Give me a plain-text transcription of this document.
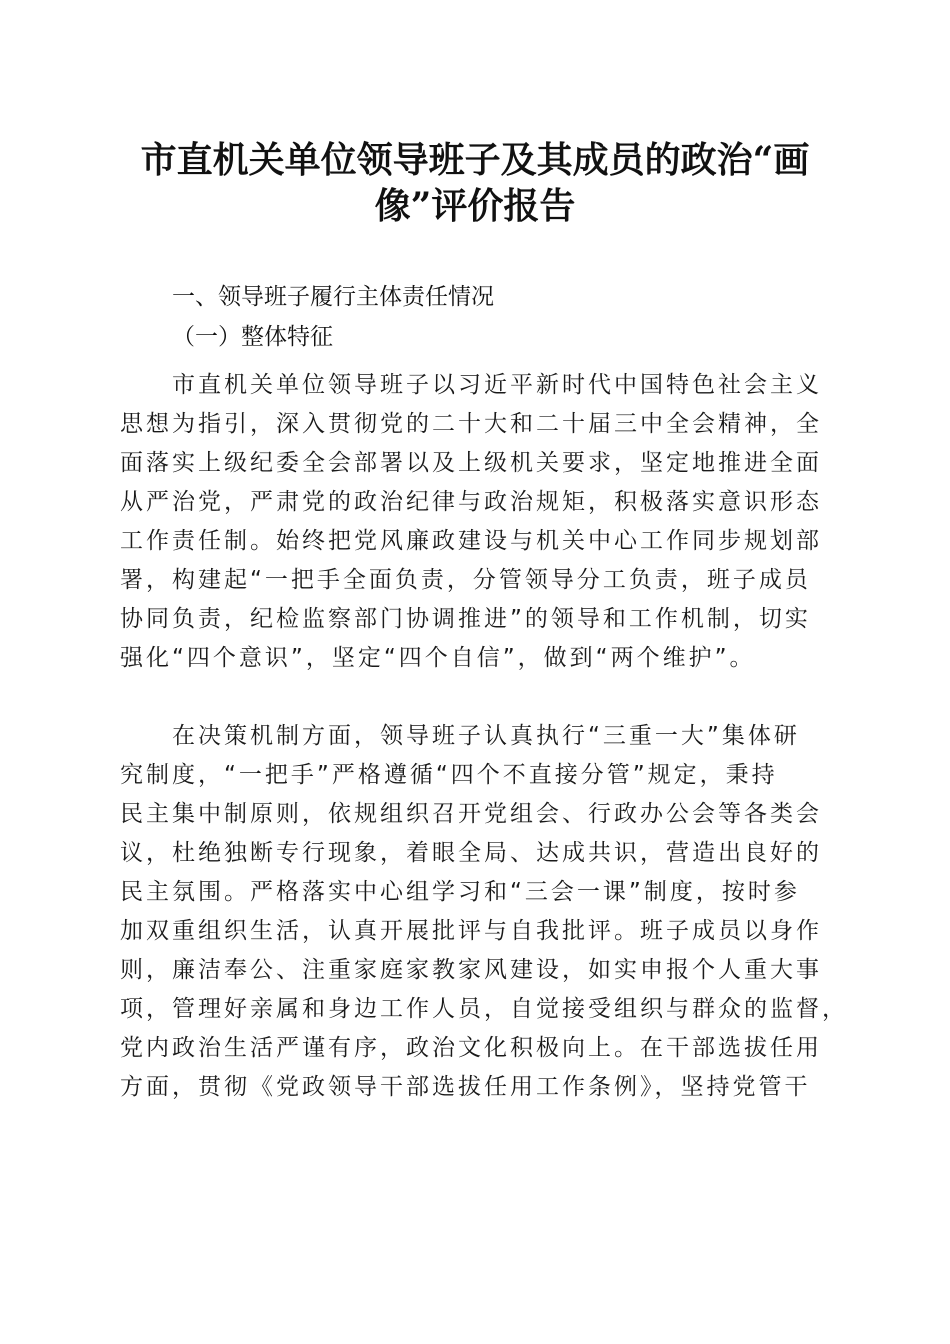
市直机关单位领导班子及其成员的政治“画
像”评价报告
一、领导班子履行主体责任情况
（一）整体特征
市直机关单位领导班子以习近平新时代中国特色社会主义
思想为指引，深入贯彻党的二十大和二十届三中全会精神，全
面落实上级纪委全会部署以及上级机关要求，坚定地推进全面
从严治党，严肃党的政治纪律与政治规矩，积极落实意识形态
工作责任制。始终把党风廉政建设与机关中心工作同步规划部
署，构建起“一把手全面负责，分管领导分工负责，班子成员
协同负责，纪检监察部门协调推进”的领导和工作机制，切实
强化“四个意识”，坚定“四个自信”，做到“两个维护”。
在决策机制方面，领导班子认真执行“三重一大”集体研
究制度，“一把手”严格遵循“四个不直接分管”规定，秉持
民主集中制原则，依规组织召开党组会、行政办公会等各类会
议，杜绝独断专行现象，着眼全局、达成共识，营造出良好的
民主氛围。严格落实中心组学习和“三会一课”制度，按时参
加双重组织生活，认真开展批评与自我批评。班子成员以身作
则，廉洁奉公、注重家庭家教家风建设，如实申报个人重大事
项，管理好亲属和身边工作人员，自觉接受组织与群众的监督，
党内政治生活严谨有序，政治文化积极向上。在干部选拔任用
方面，贯彻《党政领导干部选拔任用工作条例》，坚持党管干
